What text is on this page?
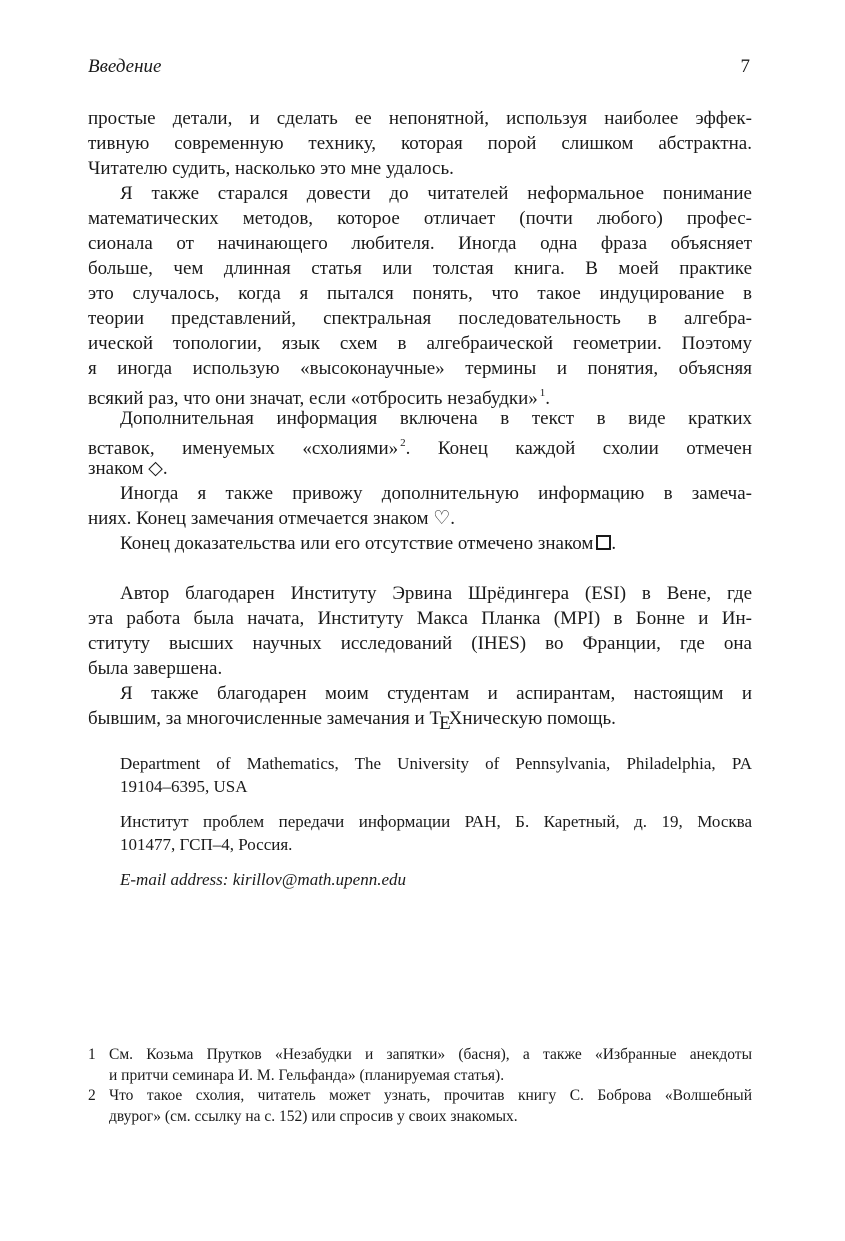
Введение	7
простые детали, и сделать ее непонятной, используя наиболее эффек-
тивную современную технику, которая порой слишком абстрактна.
Читателю судить, насколько это мне удалось.
Я также старался довести до читателей неформальное понимание
математических методов, которое отличает (почти любого) профес-
сионала от начинающего любителя. Иногда одна фраза объясняет
больше, чем длинная статья или толстая книга. В моей практике
это случалось, когда я пытался понять, что такое индуцирование в
теории представлений, спектральная последовательность в алгебра-
ической топологии, язык схем в алгебраической геометрии. Поэтому
я иногда использую «высоконаучные» термины и понятия, объясняя
всякий раз, что они значат, если «отбросить незабудки» $^1$.
Дополнительная информация включена в текст в виде кратких
вставок, именуемых «схолиями» $^2$. Конец каждой схолии отмечен
знаком ◇.
Иногда я также привожу дополнительную информацию в замеча-
ниях. Конец замечания отмечается знаком ♡.
Конец доказательства или его отсутствие отмечено знаком .
Автор благодарен Институту Эрвина Шрёдингера (ESI) в Вене, где
эта работа была начата, Институту Макса Планка (MPI) в Бонне и Ин-
ституту высших научных исследований (IHES) во Франции, где она
была завершена.
Я также благодарен моим студентам и аспирантам, настоящим и
бывшим, за многочисленные замечания и TEXническую помощь.
Department of Mathematics, The University of Pennsylvania, Philadelphia, PA
19104–6395, USA
Институт проблем передачи информации РАН, Б. Каретный, д. 19, Москва
101477, ГСП–4, Россия.
E-mail address: kirillov@math.upenn.edu
1 См. Козьма Прутков «Незабудки и запятки» (басня), а также «Избранные анекдоты
и притчи семинара И. М. Гельфанда» (планируемая статья).
2 Что такое схолия, читатель может узнать, прочитав книгу С. Боброва «Волшебный
двурог» (см. ссылку на с. 152) или спросив у своих знакомых.
